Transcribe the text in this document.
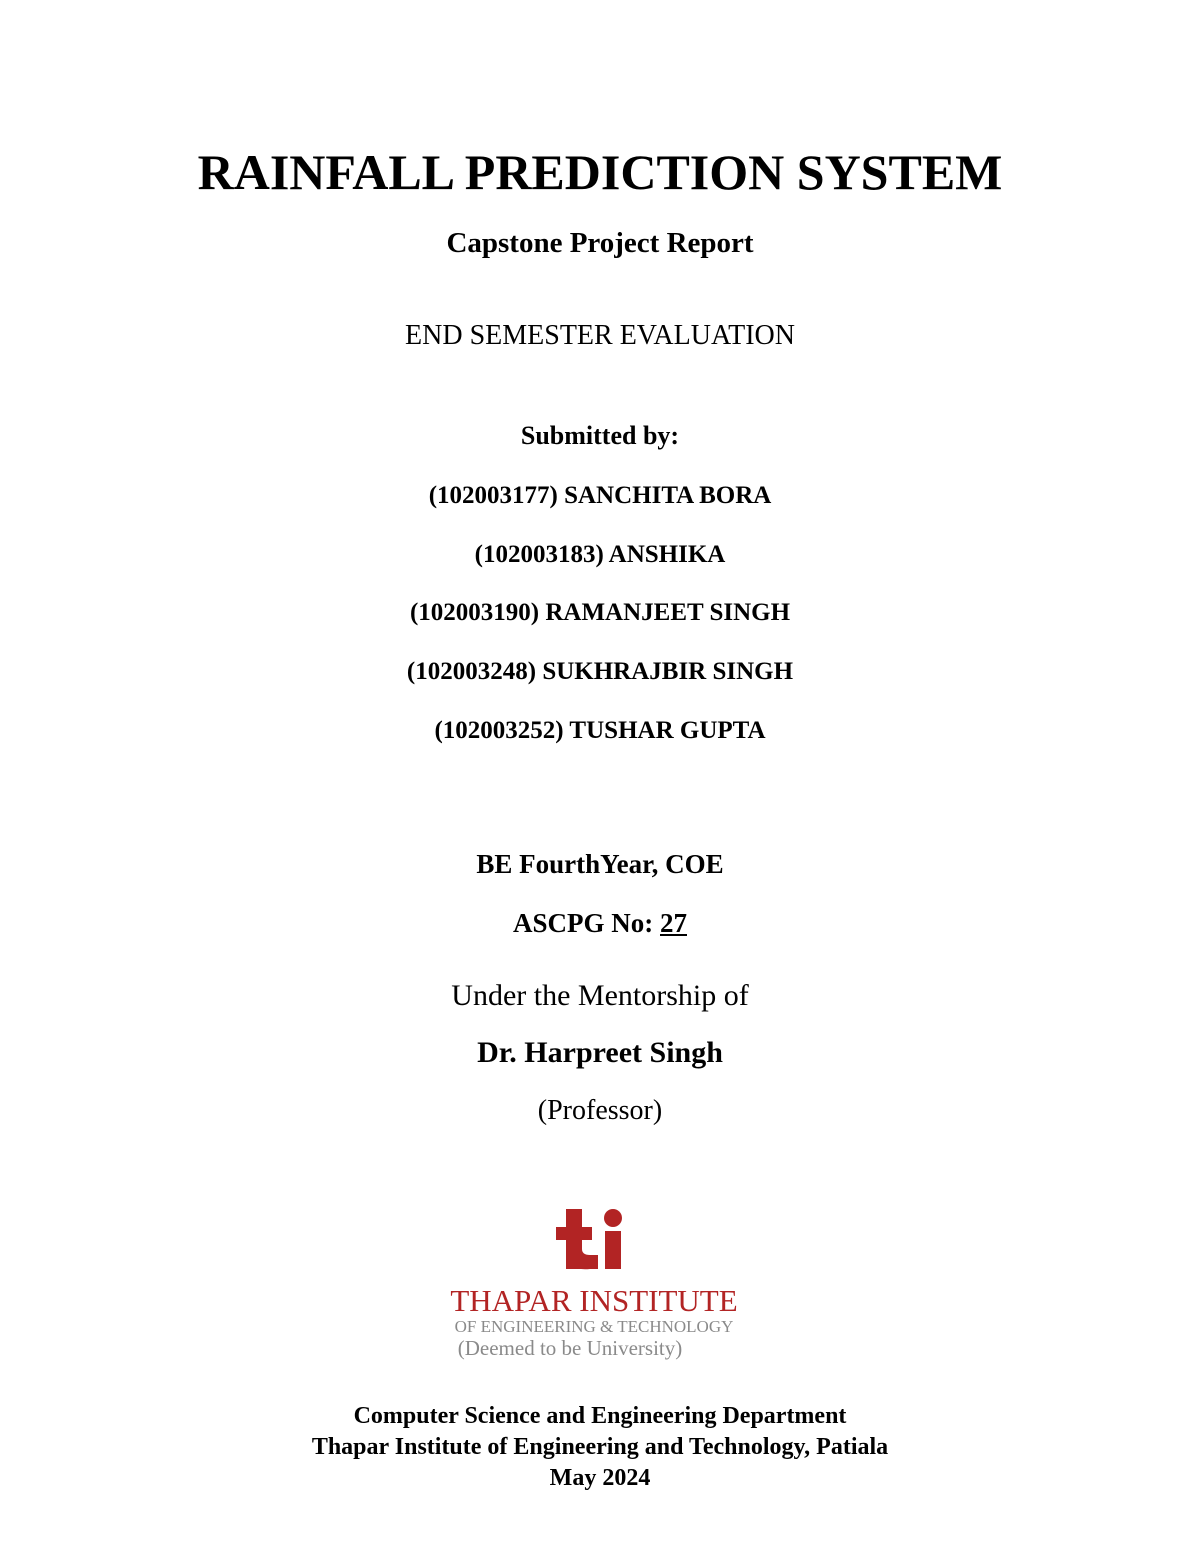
RAINFALL PREDICTION SYSTEM
Capstone Project Report
END SEMESTER EVALUATION
Submitted by:
(102003177) SANCHITA BORA
(102003183) ANSHIKA
(102003190) RAMANJEET SINGH
(102003248) SUKHRAJBIR SINGH
(102003252) TUSHAR GUPTA
BE FourthYear, COE
ASCPG No: 27
Under the Mentorship of
Dr. Harpreet Singh
(Professor)
THAPAR INSTITUTE
OF ENGINEERING & TECHNOLOGY
(Deemed to be University)
Computer Science and Engineering Department
Thapar Institute of Engineering and Technology, Patiala
May 2024
